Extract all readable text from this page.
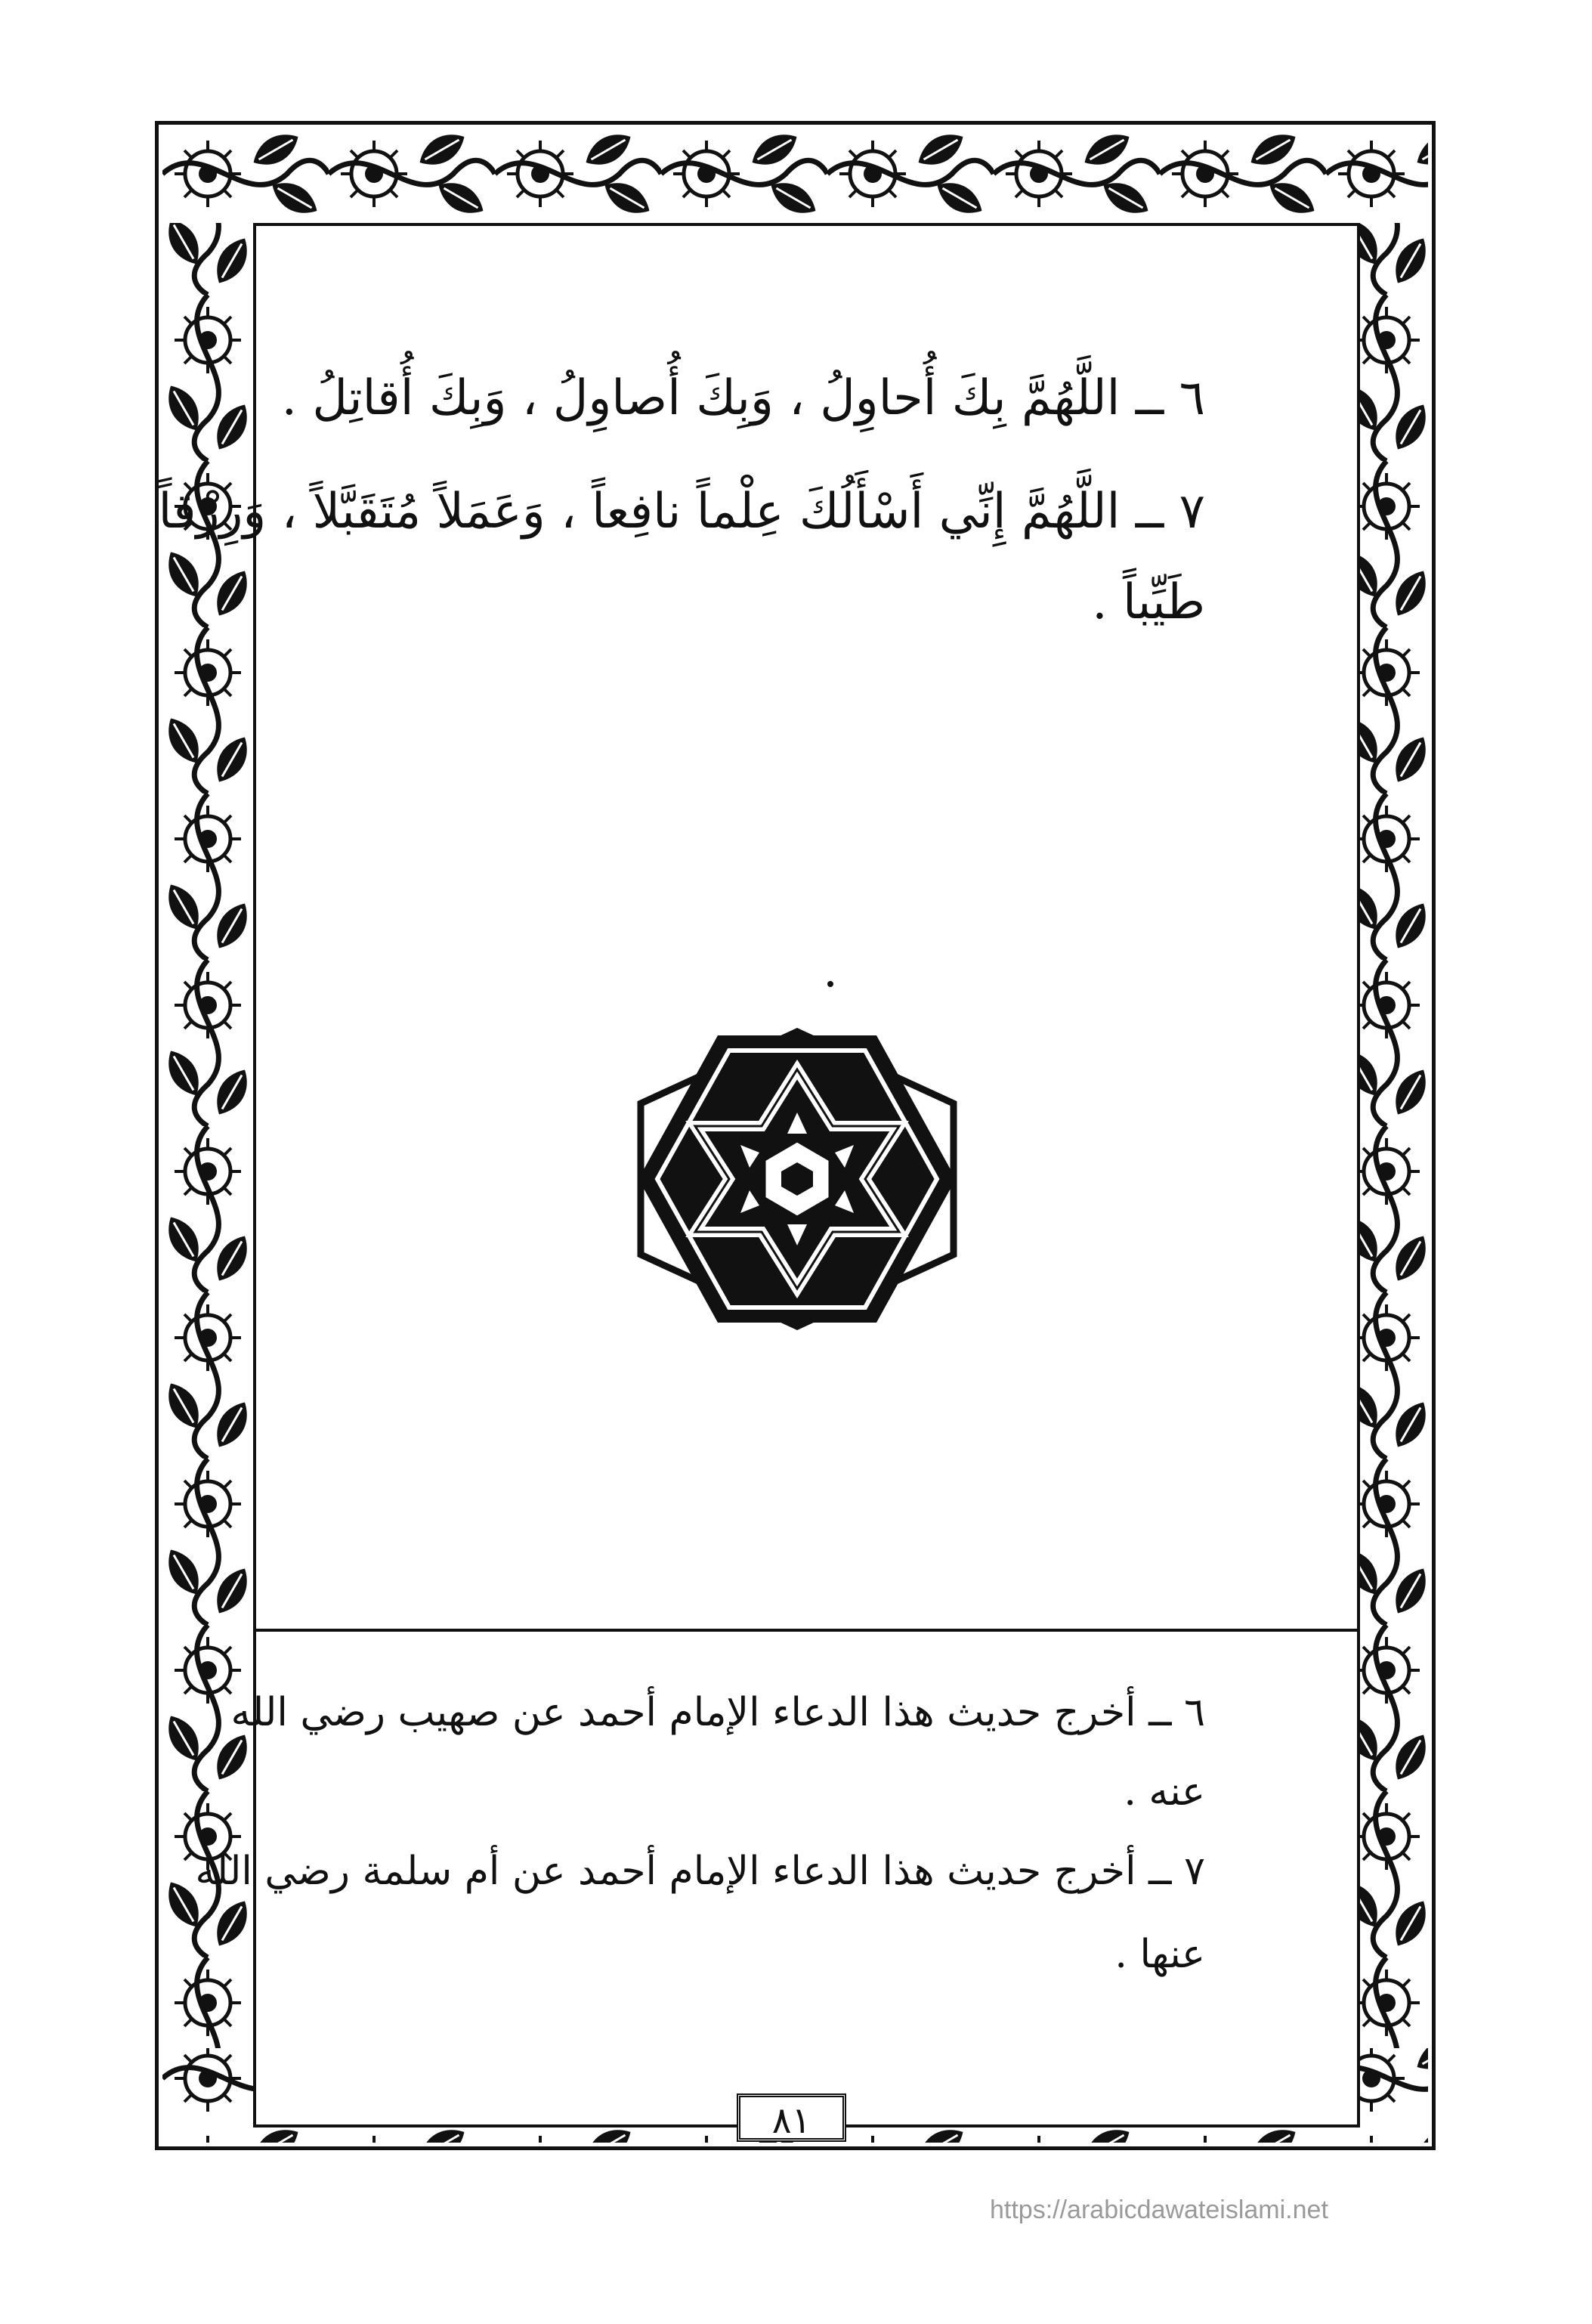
٦ ــ اللَّهُمَّ بِكَ أُحاوِلُ ، وَبِكَ أُصاوِلُ ، وَبِكَ أُقاتِلُ .
٧ ــ اللَّهُمَّ إِنِّي أَسْأَلُكَ عِلْماً نافِعاً ، وَعَمَلاً مُتَقَبَّلاً ، وَرِزْقاً
طَيِّباً .
٦ ــ أخرج حديث هذا الدعاء الإمام أحمد عن صهيب رضي الله
عنه .
٧ ــ أخرج حديث هذا الدعاء الإمام أحمد عن أم سلمة رضي الله
عنها .
٨١
https://arabicdawateislami.net
